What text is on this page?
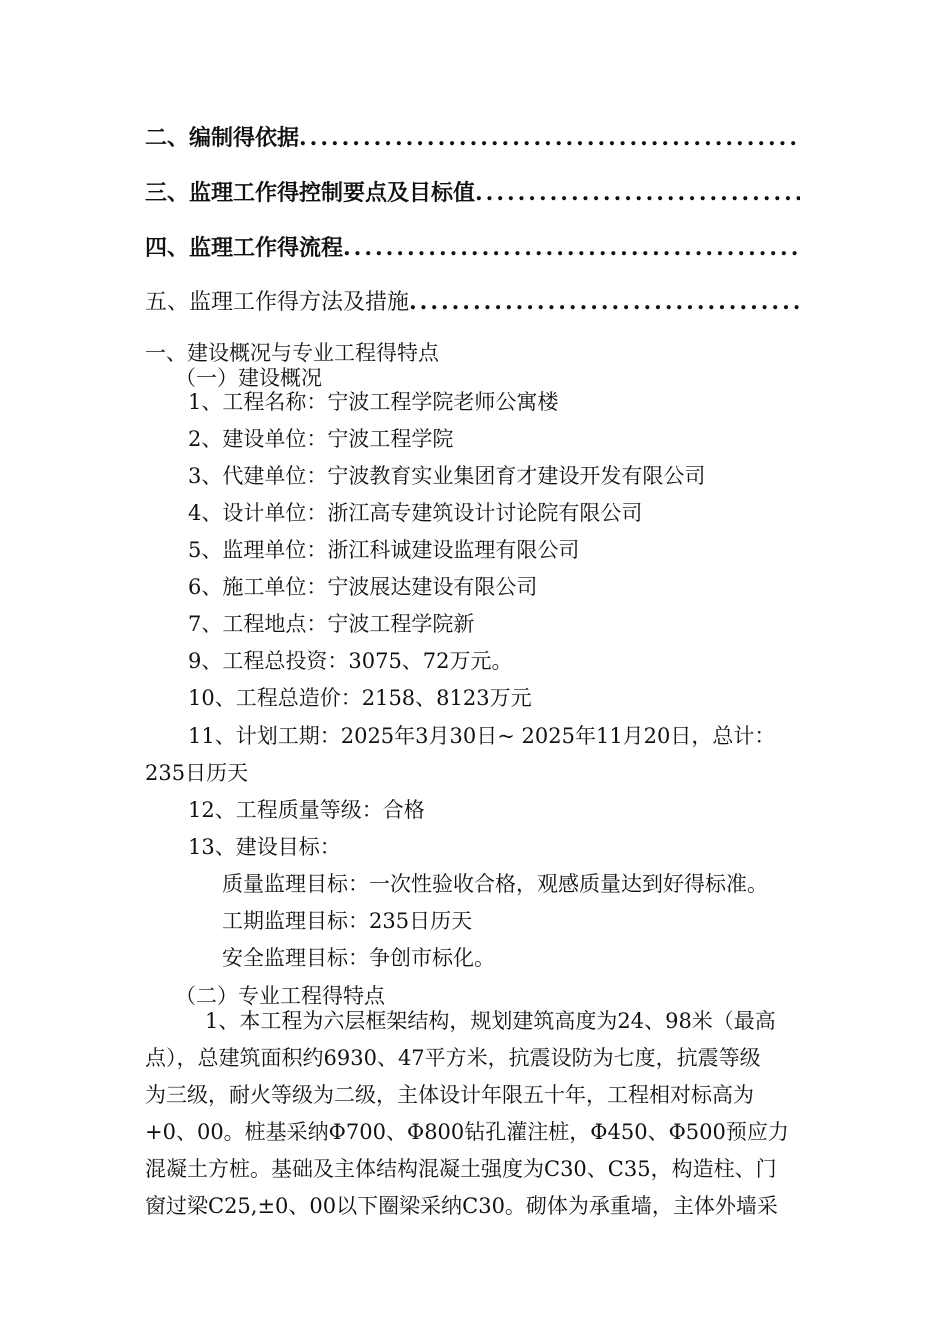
二、编制得依据
.....
三、监理工作得控制要点及目标值
.....
四、监理工作得流程
.....
五、监理工作得方法及措施
.....
一、建设概况与专业工程得特点
（一）建设概况
1、工程名称：宁波工程学院老师公寓楼
2、建设单位：宁波工程学院
3、代建单位：宁波教育实业集团育才建设开发有限公司
4、设计单位：浙江高专建筑设计讨论院有限公司
5、监理单位：浙江科诚建设监理有限公司
6、施工单位：宁波展达建设有限公司
7、工程地点：宁波工程学院新
9、工程总投资：3075、72万元。
10、工程总造价：2158、8123万元
11、计划工期：2025年3月30日~ 2025年11月20日，总计：
235日历天
12、工程质量等级：合格
13、建设目标：
质量监理目标：一次性验收合格，观感质量达到好得标准。
工期监理目标：235日历天
安全监理目标：争创市标化。
（二）专业工程得特点
1、本工程为六层框架结构，规划建筑高度为24、98米（最高
点），总建筑面积约6930、47平方米，抗震设防为七度，抗震等级
为三级，耐火等级为二级，主体设计年限五十年，工程相对标高为
+0、00。桩基采纳Φ700、Φ800钻孔灌注桩，Φ450、Φ500预应力
混凝土方桩。基础及主体结构混凝土强度为C30、C35，构造柱、门
窗过梁C25,±0、00以下圈梁采纳C30。砌体为承重墙，主体外墙采
